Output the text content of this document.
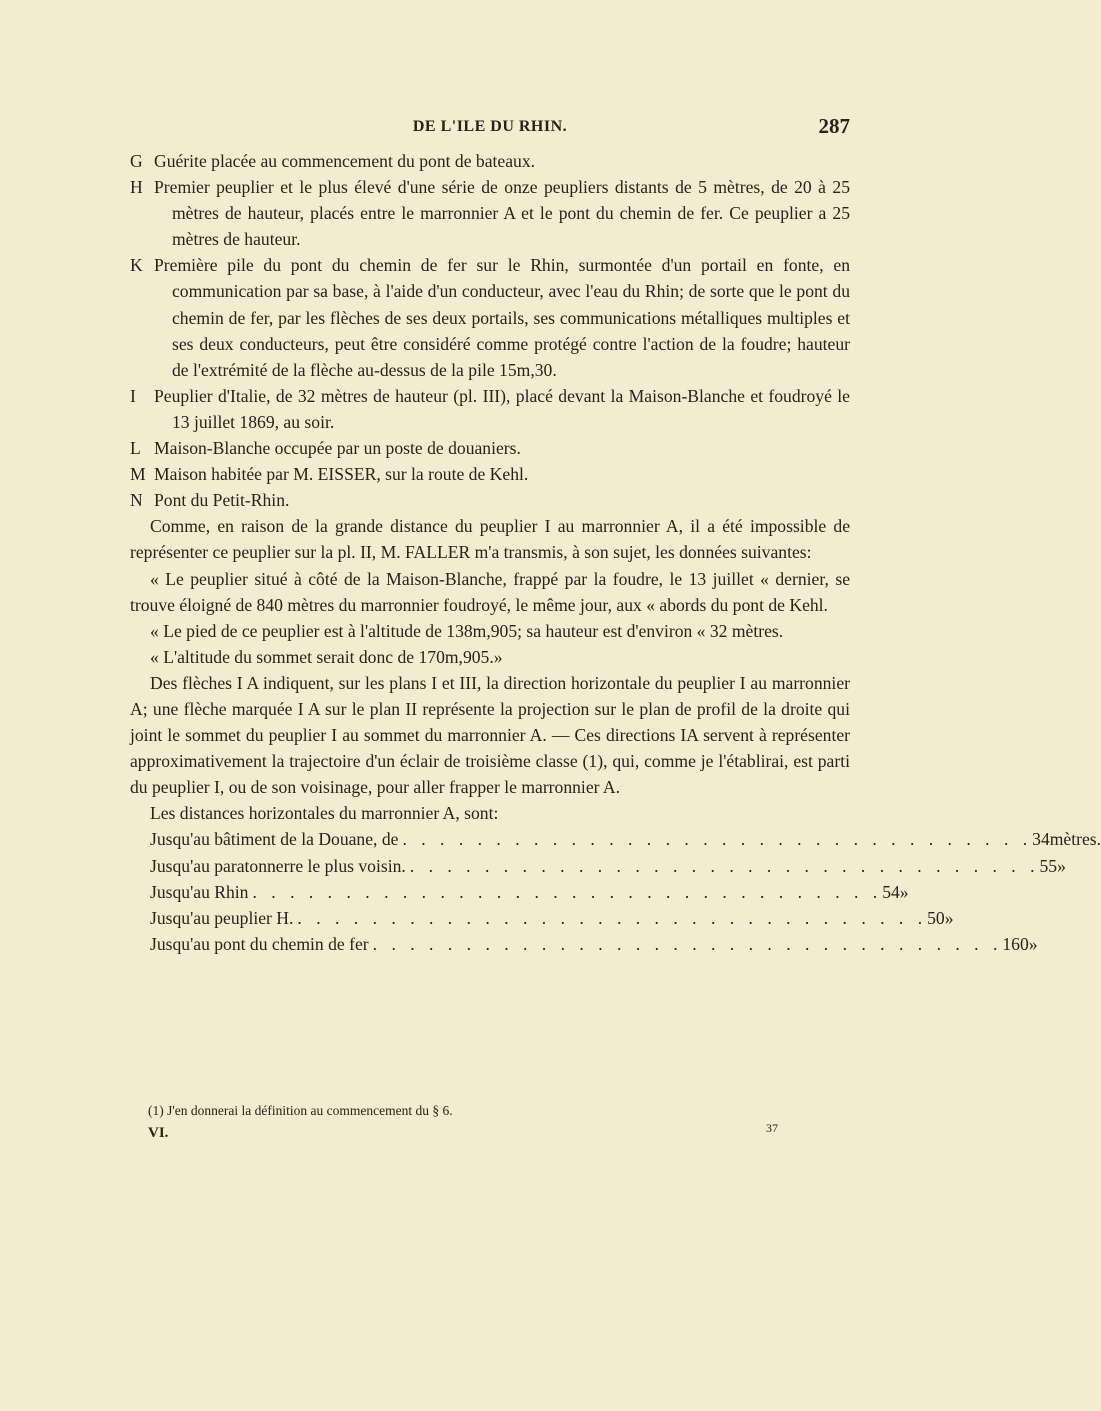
DE L'ILE DU RHIN.	287

G Guérite placée au commencement du pont de bateaux.

H Premier peuplier et le plus élevé d'une série de onze peupliers distants de 5 mètres, de 20 à 25 mètres de hauteur, placés entre le marronnier A et le pont du chemin de fer. Ce peuplier a 25 mètres de hauteur.

K Première pile du pont du chemin de fer sur le Rhin, surmontée d'un portail en fonte, en communication par sa base, à l'aide d'un conducteur, avec l'eau du Rhin; de sorte que le pont du chemin de fer, par les flèches de ses deux portails, ses communications métalliques multiples et ses deux conducteurs, peut être considéré comme protégé contre l'action de la foudre; hauteur de l'extrémité de la flèche au-dessus de la pile 15m,30.

I Peuplier d'Italie, de 32 mètres de hauteur (pl. III), placé devant la Maison-Blanche et foudroyé le 13 juillet 1869, au soir.

L Maison-Blanche occupée par un poste de douaniers.

M Maison habitée par M. EISSER, sur la route de Kehl.

N Pont du Petit-Rhin.

Comme, en raison de la grande distance du peuplier I au marronnier A, il a été impossible de représenter ce peuplier sur la pl. II, M. FALLER m'a transmis, à son sujet, les données suivantes:

« Le peuplier situé à côté de la Maison-Blanche, frappé par la foudre, le 13 juillet « dernier, se trouve éloigné de 840 mètres du marronnier foudroyé, le même jour, aux « abords du pont de Kehl.

« Le pied de ce peuplier est à l'altitude de 138m,905; sa hauteur est d'environ « 32 mètres.

« L'altitude du sommet serait donc de 170m,905.»

Des flèches I A indiquent, sur les plans I et III, la direction horizontale du peuplier I au marronnier A; une flèche marquée I A sur le plan II représente la projection sur le plan de profil de la droite qui joint le sommet du peuplier I au sommet du marronnier A. — Ces directions IA servent à représenter approximativement la trajectoire d'un éclair de troisième classe (1), qui, comme je l'établirai, est parti du peuplier I, ou de son voisinage, pour aller frapper le marronnier A.

Les distances horizontales du marronnier A, sont:

Jusqu'au bâtiment de la Douane, de . . . . . . . . . . . . . . . . . . . . . . . . . . . . . . . . . . 34 mètres.
Jusqu'au paratonnerre le plus voisin. . . . . . . . . . . . . . . . . . . . . . . . . . . . . . . . . . . 55 »
Jusqu'au Rhin . . . . . . . . . . . . . . . . . . . . . . . . . . . . . . . . . . 54 »
Jusqu'au peuplier H. . . . . . . . . . . . . . . . . . . . . . . . . . . . . . . . . . . 50 »
Jusqu'au pont du chemin de fer . . . . . . . . . . . . . . . . . . . . . . . . . . . . . . . . . . 160 »
(1) J'en donnerai la définition au commencement du § 6.
VI.	37
